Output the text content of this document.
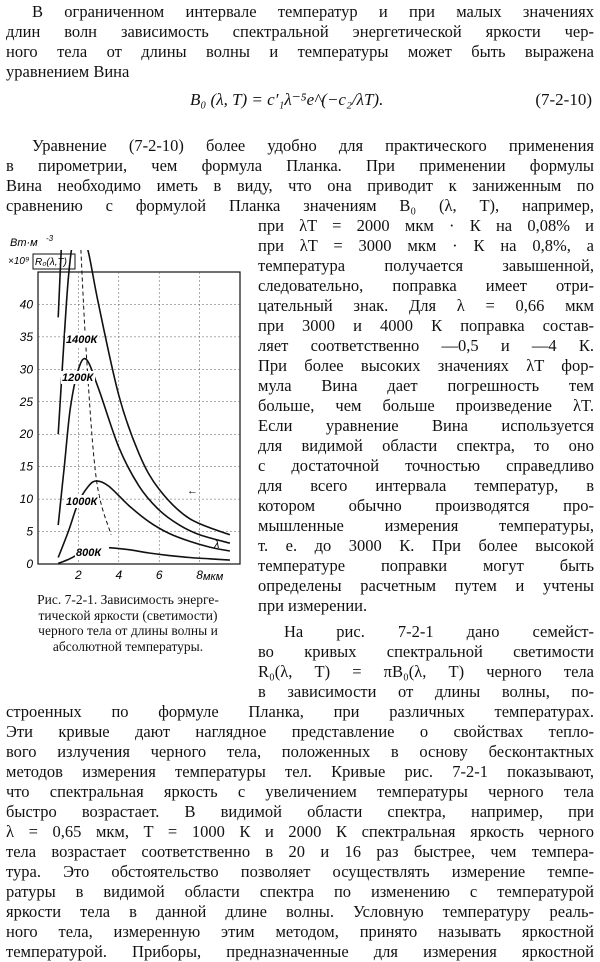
В ограниченном интервале температур и при малых значениях
длин волн зависимость спектральной энергетической яркости чер-
ного тела от длины волны и температуры может быть выражена
уравнением Вина
B₀ (λ, T) = c′₁λ⁻⁵e^(−c₂/λT).	(7-2-10)
Уравнение (7-2-10) более удобно для практического применения
в пирометрии, чем формула Планка. При применении формулы
Вина необходимо иметь в виду, что она приводит к заниженным по
сравнению с формулой Планка значениям B₀ (λ, T), например,
при λT = 2000 мкм · К на 0,08% и
при λT = 3000 мкм · К на 0,8%, а
температура получается завышенной,
следовательно, поправка имеет отри-
цательный знак. Для λ = 0,66 мкм
при 3000 и 4000 К поправка состав-
ляет соответственно —0,5 и —4 К.
При более высоких значениях λT фор-
мула Вина дает погрешность тем
больше, чем больше произведение λT.
Если уравнение Вина используется
для видимой области спектра, то оно
с достаточной точностью справедливо
для всего интервала температур, в
котором обычно производятся про-
мышленные измерения температуры,
т. е. до 3000 К. При более высокой
температуре поправки могут быть
определены расчетным путем и учтены
при измерении.
На рис. 7-2-1 дано семейст-
во кривых спектральной светимости
R₀(λ, T) = πB₀(λ, T) черного тела
в зависимости от длины волны, по-
строенных по формуле Планка, при различных температурах.
Эти кривые дают наглядное представление о свойствах тепло-
вого излучения черного тела, положенных в основу бесконтактных
методов измерения температуры тел. Кривые рис. 7-2-1 показывают,
что спектральная яркость с увеличением температуры черного тела
быстро возрастает. В видимой области спектра, например, при
λ = 0,65 мкм, T = 1000 К и 2000 К спектральная яркость черного
тела возрастает соответственно в 20 и 16 раз быстрее, чем темпера-
тура. Это обстоятельство позволяет осуществлять измерение темпе-
ратуры в видимой области спектра по изменению с температурой
яркости тела в данной длине волны. Условную температуру реаль-
ного тела, измеренную этим методом, принято называть яркостной
температурой. Приборы, предназначенные для измерения яркостной
Вт·м -3
×10⁹ R₀(λ,T)
λ
мкм
←
0
5
10
15
20
25
30
35
40
2	4	6	8
800К
1000К
1200К
1400К
Рис. 7-2-1. Зависимость энерге-
тической яркости (светимости)
черного тела от длины волны и
абсолютной температуры.
